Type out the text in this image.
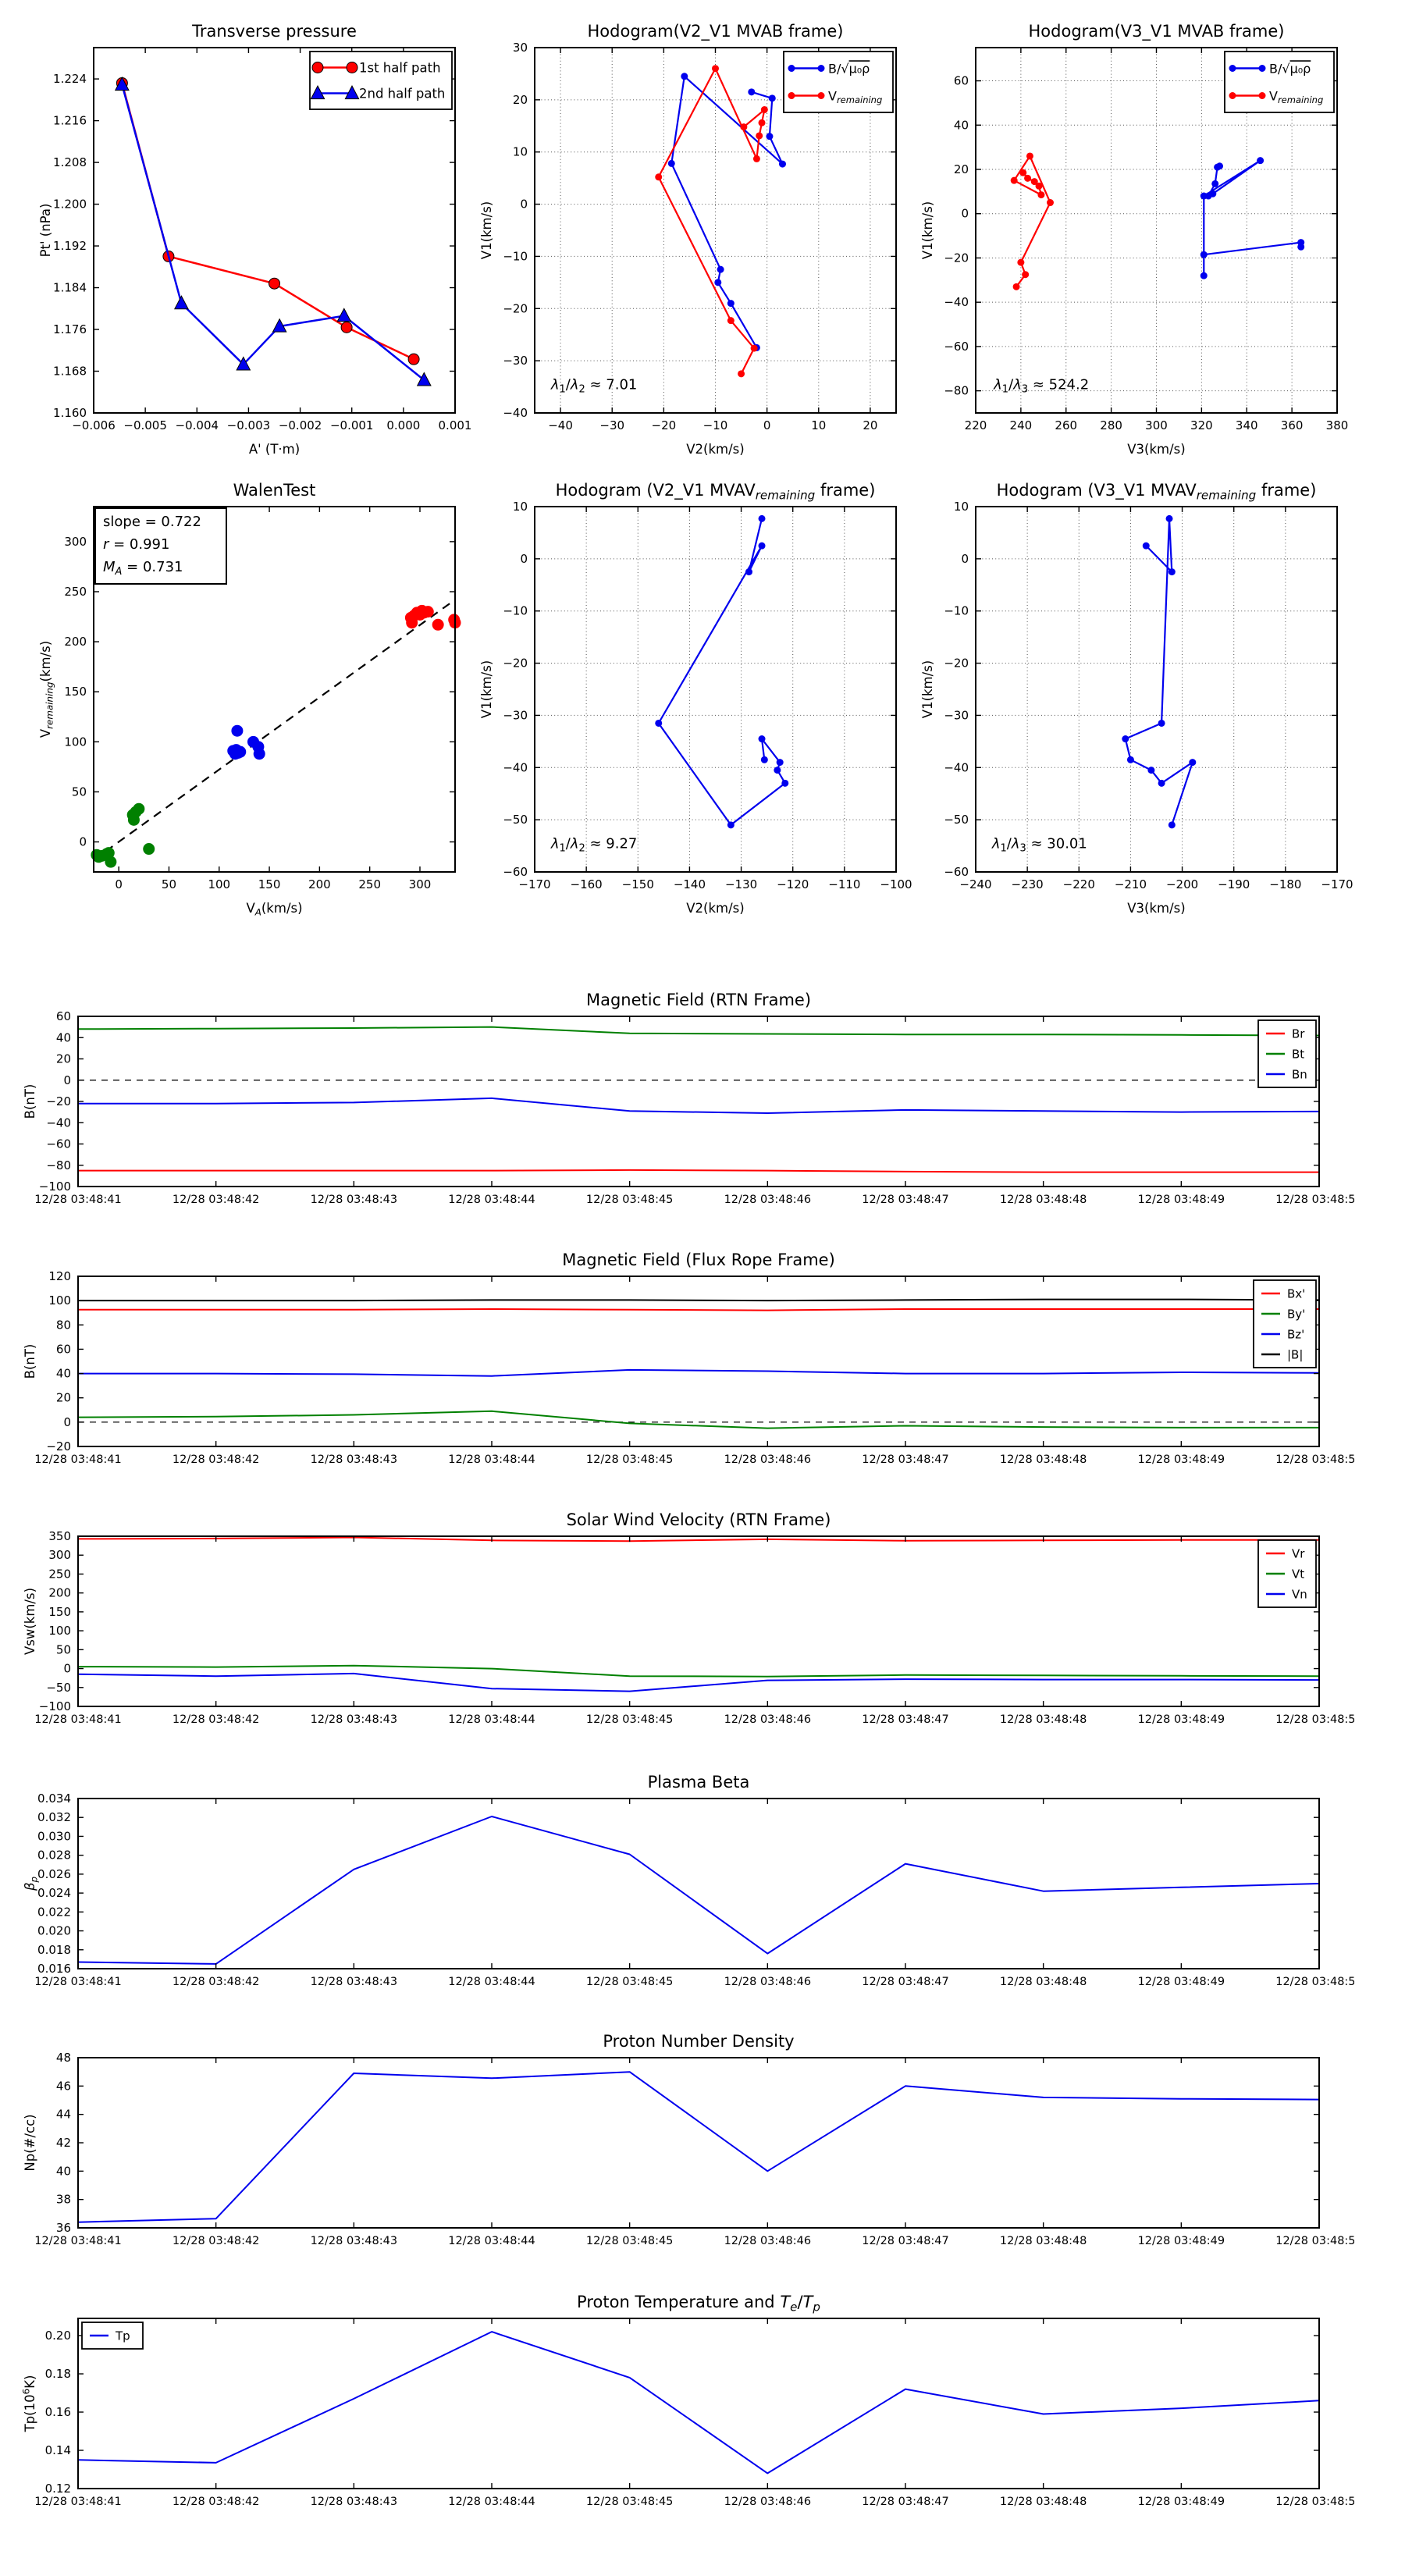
−0.006 −0.005 −0.004 −0.003 −0.002 −0.001 0.000 0.001
1.160
1.168
1.176
1.184
1.192
1.200
1.208
1.216
1.224
Transverse pressure
A' (T·m)
Pt' (nPa)
1st half path
2nd half path
−40 −30 −20 −10	0	10	20
−40
−30
−20
−10
0
10
20
30
Hodogram(V2_V1 MVAB frame)
V2(km/s)
V1(km/s)
B/√μ₀ρ
$V_{remaining}$
$\lambda_1/\lambda_2 \approx 7.01$
220 240 260 280 300 320 340 360 380
−80
−60
−40
−20
0
20
40
60
Hodogram(V3_V1 MVAB frame)
V3(km/s)
V1(km/s)
B/√μ₀ρ
$V_{remaining}$
$\lambda_1/\lambda_3 \approx 524.2$
0	50	100 150 200 250 300
0
50
100
150
200
250
300
WalenTest
$V_A(km/s)$
$V_{remaining}(km/s)$
slope = 0.722
r = 0.991
$M_A = 0.731$
−170 −160 −150 −140 −130 −120 −110 −100
−60
−50
−40
−30
−20
−10
0
10
Hodogram (V2_V1 $MVAV_{remaining}$ frame)
V2(km/s)
V1(km/s)
$\lambda_1/\lambda_2 \approx 9.27$
−240 −230 −220 −210 −200 −190 −180 −170
−60
−50
−40
−30
−20
−10
0
10
Hodogram (V3_V1 $MVAV_{remaining}$ frame)
V3(km/s)
V1(km/s)
$\lambda_1/\lambda_3 \approx 30.01$
12/28 03:48:41	12/28 03:48:42	12/28 03:48:43	12/28 03:48:44	12/28 03:48:45	12/28 03:48:46	12/28 03:48:47	12/28 03:48:48	12/28 03:48:49	12/28 03:48:50
−100
−80
−60
−40
−20
0
20
40
60
Magnetic Field (RTN Frame)
B(nT)
Br
Bt
Bn
12/28 03:48:41	12/28 03:48:42	12/28 03:48:43	12/28 03:48:44	12/28 03:48:45	12/28 03:48:46	12/28 03:48:47	12/28 03:48:48	12/28 03:48:49	12/28 03:48:50
−20
0
20
40
60
80
100
120
Magnetic Field (Flux Rope Frame)
B(nT)
Bx'
By'
Bz'
|B|
12/28 03:48:41	12/28 03:48:42	12/28 03:48:43	12/28 03:48:44	12/28 03:48:45	12/28 03:48:46	12/28 03:48:47	12/28 03:48:48	12/28 03:48:49	12/28 03:48:50
−100
−50
0
50
100
150
200
250
300
350
Solar Wind Velocity (RTN Frame)
Vsw(km/s)
Vr
Vt
Vn
12/28 03:48:41	12/28 03:48:42	12/28 03:48:43	12/28 03:48:44	12/28 03:48:45	12/28 03:48:46	12/28 03:48:47	12/28 03:48:48	12/28 03:48:49	12/28 03:48:50
0.016
0.018
0.020
0.022
0.024
0.026
0.028
0.030
0.032
0.034
Plasma Beta
$\beta_p$
12/28 03:48:41	12/28 03:48:42	12/28 03:48:43	12/28 03:48:44	12/28 03:48:45	12/28 03:48:46	12/28 03:48:47	12/28 03:48:48	12/28 03:48:49	12/28 03:48:50
36
38
40
42
44
46
48
Proton Number Density
Np(#/cc)
12/28 03:48:41	12/28 03:48:42	12/28 03:48:43	12/28 03:48:44	12/28 03:48:45	12/28 03:48:46	12/28 03:48:47	12/28 03:48:48	12/28 03:48:49	12/28 03:48:50
0.12
0.14
0.16
0.18
0.20
Proton Temperature and $T_e/T_p$
$Tp(10^6K)$
Tp
